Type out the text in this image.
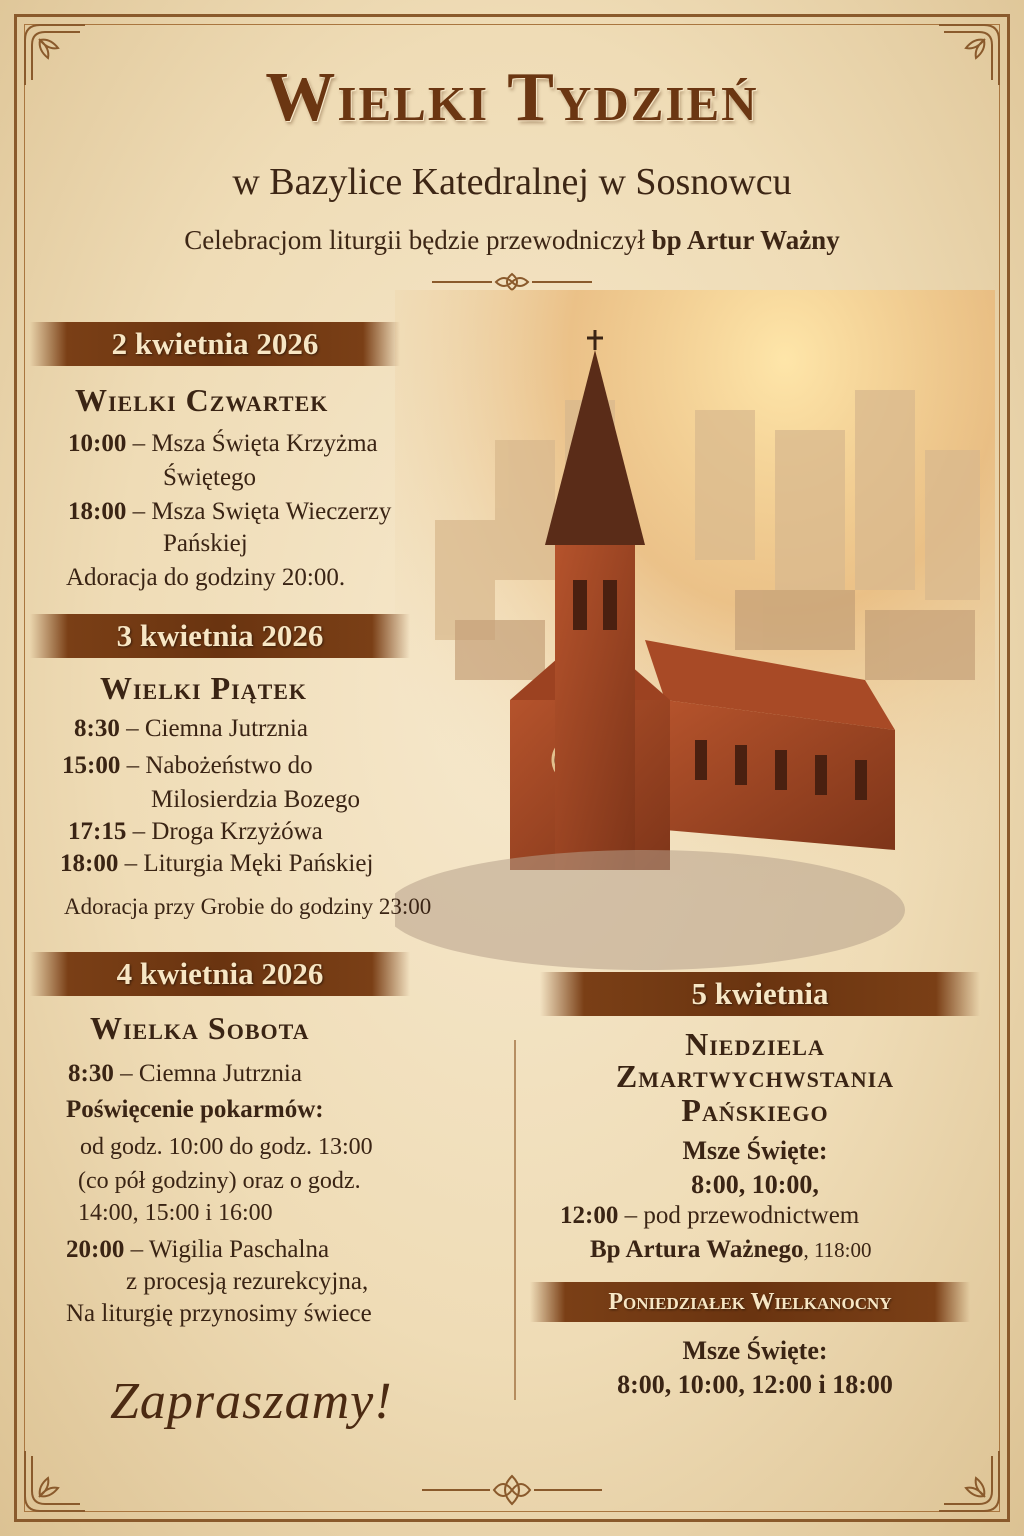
Wielki Tydzień
w Bazylice Katedralnej w Sosnowcu
Celebracjom liturgii będzie przewodniczył bp Artur Ważny
2 kwietnia 2026
Wielki Czwartek
10:00 – Msza Święta Krzyżma
Świętego
18:00 – Msza Swięta Wieczerzy
Pańskiej
Adoracja do godziny 20:00.
3 kwietnia 2026
Wielki Piątek
8:30 – Ciemna Jutrznia
15:00 – Nabożeństwo do
Milosierdzia Bozego
17:15 – Droga Krzyżówa
18:00 – Liturgia Męki Pańskiej
Adoracja przy Grobie do godziny 23:00
4 kwietnia 2026
Wielka Sobota
8:30 – Ciemna Jutrznia
Poświęcenie pokarmów:
od godz. 10:00 do godz. 13:00
(co pół godziny) oraz o godz.
14:00, 15:00 i 16:00
20:00 – Wigilia Paschalna
z procesją rezurekcyjna,
Na liturgię przynosimy świece
Zapraszamy!
5 kwietnia
Niedziela
Zmartwychwstania
Pańskiego
Msze Święte:
8:00, 10:00,
12:00 – pod przewodnictwem
Bp Artura Ważnego, 118:00
Poniedziałek Wielkanocny
Msze Święte:
8:00, 10:00, 12:00 i 18:00
